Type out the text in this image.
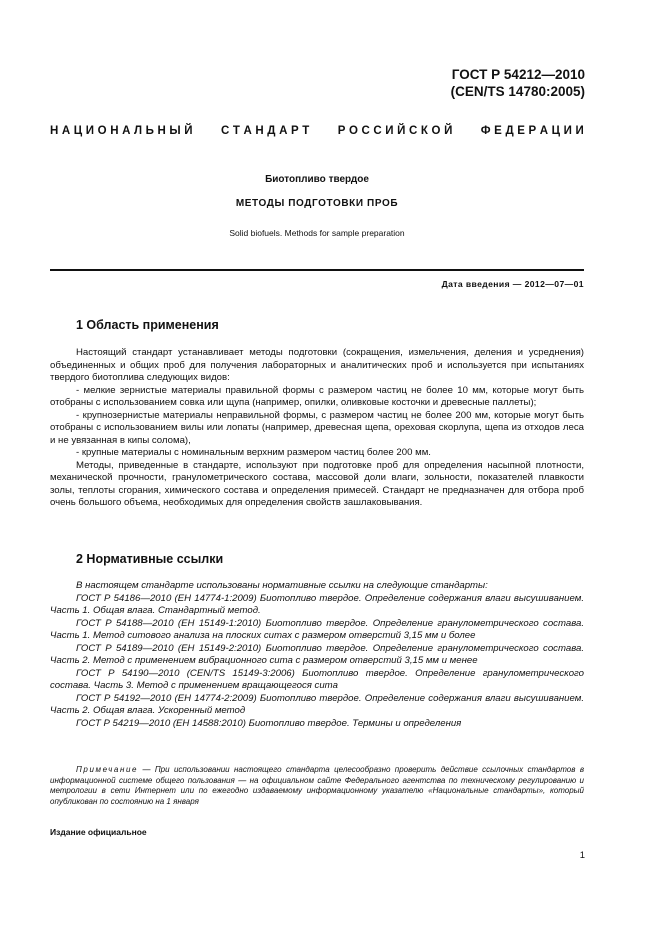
ГОСТ Р 54212—2010
(CEN/TS 14780:2005)
Н А Ц И О Н А Л Ь Н Ы Й С Т А Н Д А Р Т Р О С С И Й С К О Й Ф Е Д Е Р А Ц И И
Биотопливо твердое
МЕТОДЫ ПОДГОТОВКИ ПРОБ
Solid biofuels. Methods for sample preparation
Дата введения — 2012—07—01
1 Область применения

Настоящий стандарт устанавливает методы подготовки (сокращения, измельчения, деления и усреднения) объединенных и общих проб для получения лабораторных и аналитических проб и используется при испытаниях твердого биотоплива следующих видов:

- мелкие зернистые материалы правильной формы с размером частиц не более 10 мм, которые могут быть отобраны с использованием совка или щупа (например, опилки, оливковые косточки и древесные паллеты);

- крупнозернистые материалы неправильной формы, с размером частиц не более 200 мм, которые могут быть отобраны с использованием вилы или лопаты (например, древесная щепа, ореховая скорлупа, щепа из отходов леса и не увязанная в кипы солома),

- крупные материалы с номинальным верхним размером частиц более 200 мм.

Методы, приведенные в стандарте, используют при подготовке проб для определения насыпной плотности, механической прочности, гранулометрического состава, массовой доли влаги, зольности, показателей плавкости золы, теплоты сгорания, химического состава и определения примесей. Стандарт не предназначен для отбора проб очень большого объема, необходимых для определения свойств зашлаковывания.

2 Нормативные ссылки

В настоящем стандарте использованы нормативные ссылки на следующие стандарты:

ГОСТ Р 54186—2010 (ЕН 14774-1:2009) Биотопливо твердое. Определение содержания влаги высушиванием. Часть 1. Общая влага. Стандартный метод.

ГОСТ Р 54188—2010 (ЕН 15149-1:2010) Биотопливо твердое. Определение гранулометрического состава. Часть 1. Метод ситового анализа на плоских ситах с размером отверстий 3,15 мм и более

ГОСТ Р 54189—2010 (ЕН 15149-2:2010) Биотопливо твердое. Определение гранулометрического состава. Часть 2. Метод с применением вибрационного сита с размером отверстий 3,15 мм и менее

ГОСТ Р 54190—2010 (CEN/TS 15149-3:2006) Биотопливо твердое. Определение гранулометрического состава. Часть 3. Метод с применением вращающегося сита

ГОСТ Р 54192—2010 (ЕН 14774-2:2009) Биотопливо твердое. Определение содержания влаги высушиванием. Часть 2. Общая влага. Ускоренный метод

ГОСТ Р 54219—2010 (ЕН 14588:2010) Биотопливо твердое. Термины и определения

Примечание — При использовании настоящего стандарта целесообразно проверить действие ссылочных стандартов в информационной системе общего пользования — на официальном сайте Федерального агентства по техническому регулированию и метрологии в сети Интернет или по ежегодно издаваемому информационному указателю «Национальные стандарты», который опубликован по состоянию на 1 января
Издание официальное
1
